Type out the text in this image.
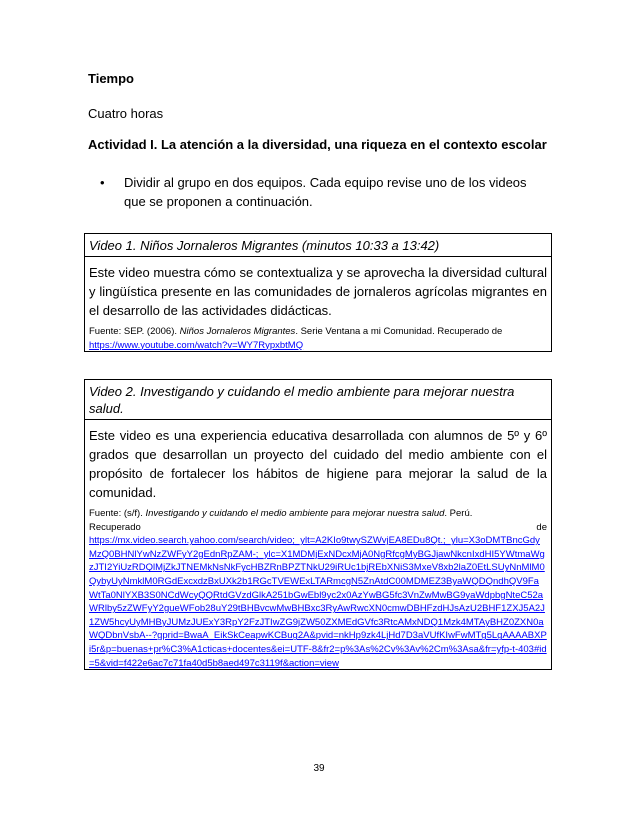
Tiempo
Cuatro horas
Actividad I. La atención a la diversidad, una riqueza en el contexto escolar
• Dividir al grupo en dos equipos. Cada equipo revise uno de los videos que se proponen a continuación.
Video 1. Niños Jornaleros Migrantes (minutos 10:33 a 13:42)
Este video muestra cómo se contextualiza y se aprovecha la diversidad cultural y lingüística presente en las comunidades de jornaleros agrícolas migrantes en el desarrollo de las actividades didácticas.
Fuente: SEP. (2006). Niños Jornaleros Migrantes. Serie Ventana a mi Comunidad. Recuperado de
https://www.youtube.com/watch?v=WY7RypxbtMQ
Video 2. Investigando y cuidando el medio ambiente para mejorar nuestra salud.
Este video es una experiencia educativa desarrollada con alumnos de 5º y 6º grados que desarrollan un proyecto del cuidado del medio ambiente con el propósito de fortalecer los hábitos de higiene para mejorar la salud de la comunidad.
Fuente: (s/f). Investigando y cuidando el medio ambiente para mejorar nuestra salud. Perú.
Recuperado	de
https://mx.video.search.yahoo.com/search/video;_ylt=A2KIo9twySZWvjEA8EDu8Qt.;_ylu=X3oDMTBncGdyMzQ0BHNlYwNzZWFyY2gEdnRpZAM-;_ylc=X1MDMjExNDcxMjA0NgRfcgMyBGJjawNkcnIxdHI5YWtmaWgzJTI2YiUzRDQlMjZkJTNEMkNsNkFycHBZRnBPZTNkU29iRUc1bjREbXNiS3MxeV8xb2laZ0EtLSUyNnMlM0QybyUyNmklM0RGdExcxdzBxUXk2b1RGcTVEWExLTARmcgN5ZnAtdC00MDMEZ3ByaWQDQndhQV9FaWtTa0NlYXB3S0NCdWcyQQRtdGVzdGlkA251bGwEbl9yc2x0AzYwBG5fc3VnZwMwBG9yaWdpbgNteC52aWRlby5zZWFyY2gueWFob28uY29tBHBvcwMwBHBxc3RyAwRwcXN0cmwDBHFzdHJsAzU2BHF1ZXJ5A2J1ZW5hcyUyMHByJUMzJUExY3RpY2FzJTIwZG9jZW50ZXMEdGVfc3RtcAMxNDQ1Mzk4MTAyBHZ0ZXN0aWQDbnVsbA--?gprid=BwaA_EikSkCeapwKCBug2A&pvid=nkHp9zk4LjHd7D3aVUfKIwFwMTg5LgAAAABXPi5r&p=buenas+pr%C3%A1cticas+docentes&ei=UTF-8&fr2=p%3As%2Cv%3Av%2Cm%3Asa&fr=yfp-t-403#id=5&vid=f422e6ac7c71fa40d5b8aed497c3119f&action=view
39
